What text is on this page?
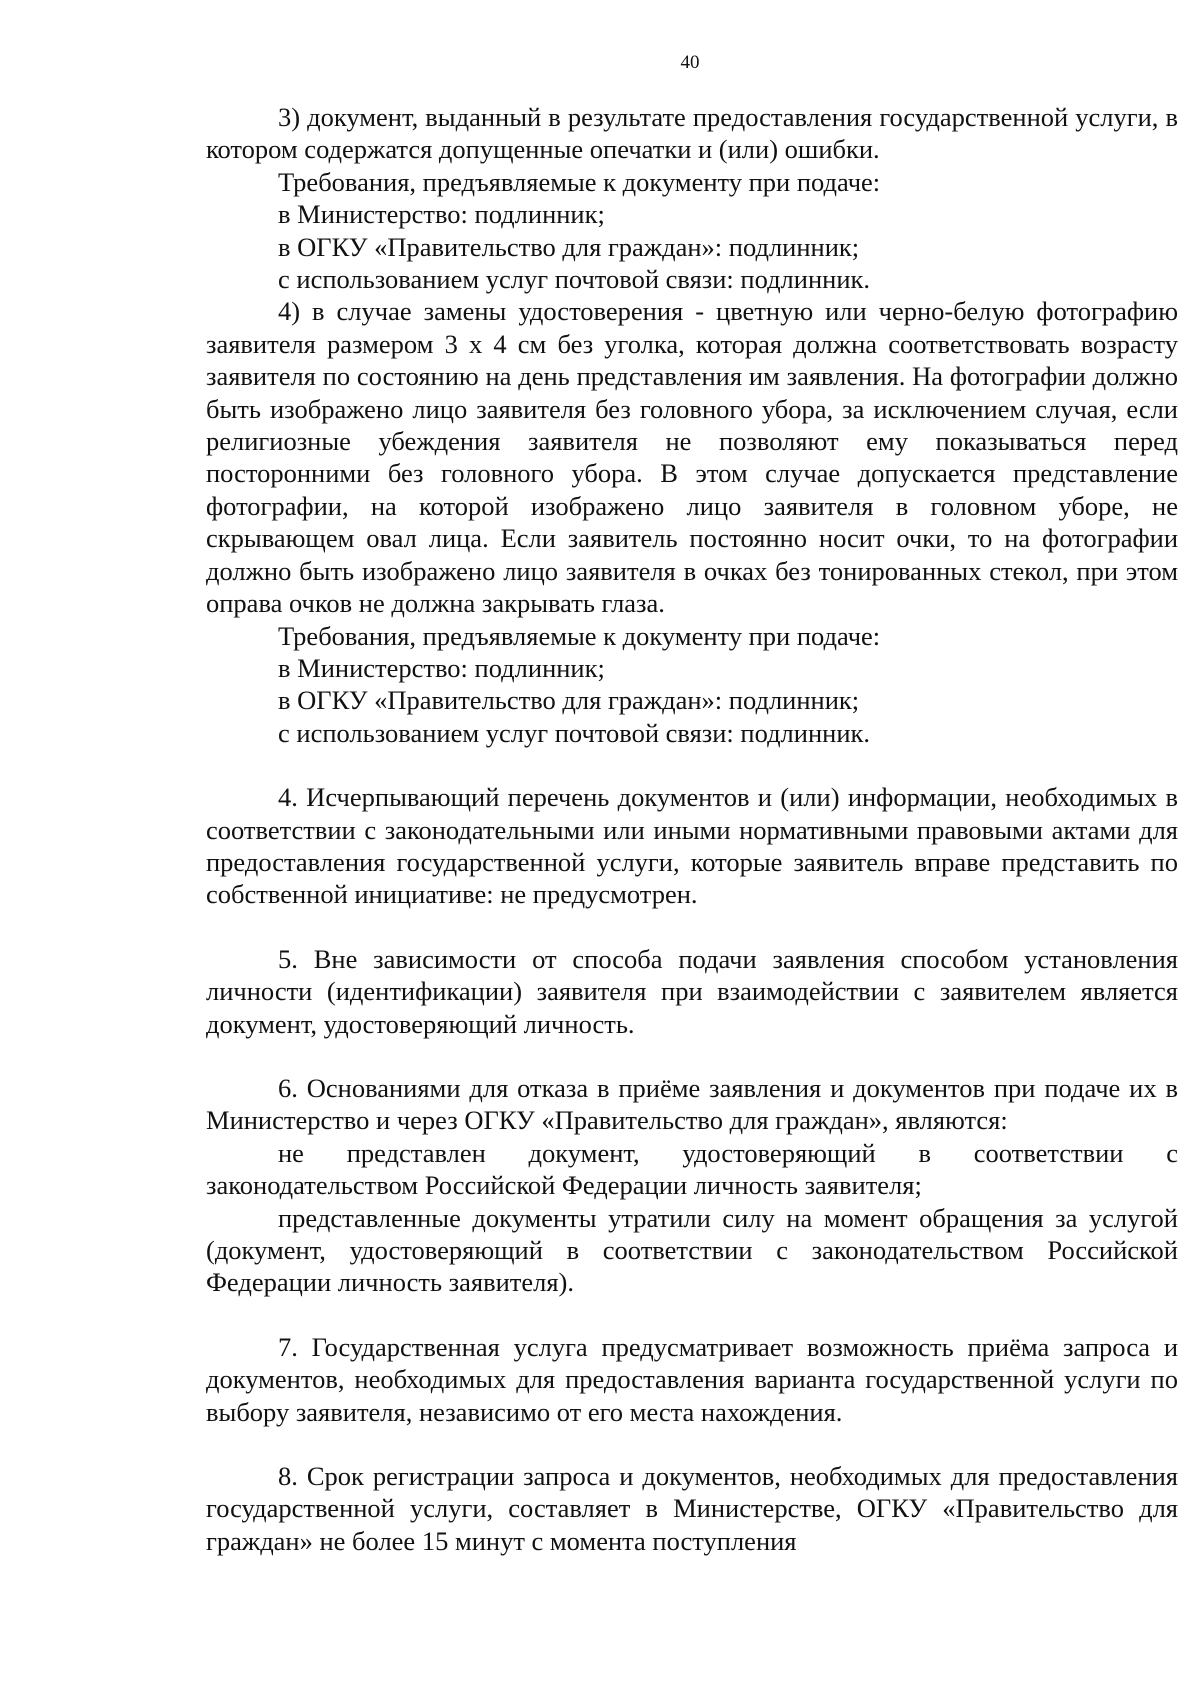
40

3) документ, выданный в результате предоставления государственной услуги, в котором содержатся допущенные опечатки и (или) ошибки.

Требования, предъявляемые к документу при подаче:

в Министерство: подлинник;

в ОГКУ «Правительство для граждан»: подлинник;

с использованием услуг почтовой связи: подлинник.

4) в случае замены удостоверения - цветную или черно-белую фотографию заявителя размером 3 х 4 см без уголка, которая должна соответствовать возрасту заявителя по состоянию на день представления им заявления. На фотографии должно быть изображено лицо заявителя без головного убора, за исключением случая, если религиозные убеждения заявителя не позволяют ему показываться перед посторонними без головного убора. В этом случае допускается представление фотографии, на которой изображено лицо заявителя в головном уборе, не скрывающем овал лица. Если заявитель постоянно носит очки, то на фотографии должно быть изображено лицо заявителя в очках без тонированных стекол, при этом оправа очков не должна закрывать глаза.

Требования, предъявляемые к документу при подаче:

в Министерство: подлинник;

в ОГКУ «Правительство для граждан»: подлинник;

с использованием услуг почтовой связи: подлинник.

4. Исчерпывающий перечень документов и (или) информации, необходимых в соответствии с законодательными или иными нормативными правовыми актами для предоставления государственной услуги, которые заявитель вправе представить по собственной инициативе: не предусмотрен.

5. Вне зависимости от способа подачи заявления способом установления личности (идентификации) заявителя при взаимодействии с заявителем является документ, удостоверяющий личность.

6. Основаниями для отказа в приёме заявления и документов при подаче их в Министерство и через ОГКУ «Правительство для граждан», являются:

не представлен документ, удостоверяющий в соответствии с законодательством Российской Федерации личность заявителя;

представленные документы утратили силу на момент обращения за услугой (документ, удостоверяющий в соответствии с законодательством Российской Федерации личность заявителя).

7. Государственная услуга предусматривает возможность приёма запроса и документов, необходимых для предоставления варианта государственной услуги по выбору заявителя, независимо от его места нахождения.

8. Срок регистрации запроса и документов, необходимых для предоставления государственной услуги, составляет в Министерстве, ОГКУ «Правительство для граждан» не более 15 минут с момента поступления
